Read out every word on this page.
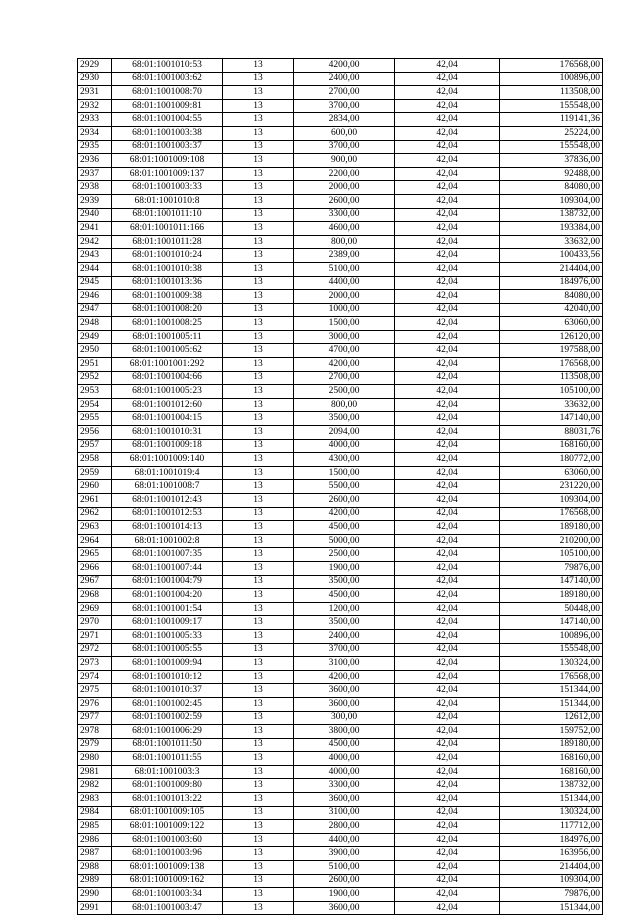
2929	68:01:1001010:53	13	4200,00	42,04	176568,00
2930	68:01:1001003:62	13	2400,00	42,04	100896,00
2931	68:01:1001008:70	13	2700,00	42,04	113508,00
2932	68:01:1001009:81	13	3700,00	42,04	155548,00
2933	68:01:1001004:55	13	2834,00	42,04	119141,36
2934	68:01:1001003:38	13	600,00	42,04	25224,00
2935	68:01:1001003:37	13	3700,00	42,04	155548,00
2936	68:01:1001009:108	13	900,00	42,04	37836,00
2937	68:01:1001009:137	13	2200,00	42,04	92488,00
2938	68:01:1001003:33	13	2000,00	42,04	84080,00
2939	68:01:1001010:8	13	2600,00	42,04	109304,00
2940	68:01:1001011:10	13	3300,00	42,04	138732,00
2941	68:01:1001011:166	13	4600,00	42,04	193384,00
2942	68:01:1001011:28	13	800,00	42,04	33632,00
2943	68:01:1001010:24	13	2389,00	42,04	100433,56
2944	68:01:1001010:38	13	5100,00	42,04	214404,00
2945	68:01:1001013:36	13	4400,00	42,04	184976,00
2946	68:01:1001009:38	13	2000,00	42,04	84080,00
2947	68:01:1001008:20	13	1000,00	42,04	42040,00
2948	68:01:1001008:25	13	1500,00	42,04	63060,00
2949	68:01:1001005:11	13	3000,00	42,04	126120,00
2950	68:01:1001005:62	13	4700,00	42,04	197588,00
2951	68:01:1001001:292	13	4200,00	42,04	176568,00
2952	68:01:1001004:66	13	2700,00	42,04	113508,00
2953	68:01:1001005:23	13	2500,00	42,04	105100,00
2954	68:01:1001012:60	13	800,00	42,04	33632,00
2955	68:01:1001004:15	13	3500,00	42,04	147140,00
2956	68:01:1001010:31	13	2094,00	42,04	88031,76
2957	68:01:1001009:18	13	4000,00	42,04	168160,00
2958	68:01:1001009:140	13	4300,00	42,04	180772,00
2959	68:01:1001019:4	13	1500,00	42,04	63060,00
2960	68:01:1001008:7	13	5500,00	42,04	231220,00
2961	68:01:1001012:43	13	2600,00	42,04	109304,00
2962	68:01:1001012:53	13	4200,00	42,04	176568,00
2963	68:01:1001014:13	13	4500,00	42,04	189180,00
2964	68:01:1001002:8	13	5000,00	42,04	210200,00
2965	68:01:1001007:35	13	2500,00	42,04	105100,00
2966	68:01:1001007:44	13	1900,00	42,04	79876,00
2967	68:01:1001004:79	13	3500,00	42,04	147140,00
2968	68:01:1001004:20	13	4500,00	42,04	189180,00
2969	68:01:1001001:54	13	1200,00	42,04	50448,00
2970	68:01:1001009:17	13	3500,00	42,04	147140,00
2971	68:01:1001005:33	13	2400,00	42,04	100896,00
2972	68:01:1001005:55	13	3700,00	42,04	155548,00
2973	68:01:1001009:94	13	3100,00	42,04	130324,00
2974	68:01:1001010:12	13	4200,00	42,04	176568,00
2975	68:01:1001010:37	13	3600,00	42,04	151344,00
2976	68:01:1001002:45	13	3600,00	42,04	151344,00
2977	68:01:1001002:59	13	300,00	42,04	12612,00
2978	68:01:1001006:29	13	3800,00	42,04	159752,00
2979	68:01:1001011:50	13	4500,00	42,04	189180,00
2980	68:01:1001011:55	13	4000,00	42,04	168160,00
2981	68:01:1001003:3	13	4000,00	42,04	168160,00
2982	68:01:1001009:80	13	3300,00	42,04	138732,00
2983	68:01:1001013:22	13	3600,00	42,04	151344,00
2984	68:01:1001009:105	13	3100,00	42,04	130324,00
2985	68:01:1001009:122	13	2800,00	42,04	117712,00
2986	68:01:1001003:60	13	4400,00	42,04	184976,00
2987	68:01:1001003:96	13	3900,00	42,04	163956,00
2988	68:01:1001009:138	13	5100,00	42,04	214404,00
2989	68:01:1001009:162	13	2600,00	42,04	109304,00
2990	68:01:1001003:34	13	1900,00	42,04	79876,00
2991	68:01:1001003:47	13	3600,00	42,04	151344,00
